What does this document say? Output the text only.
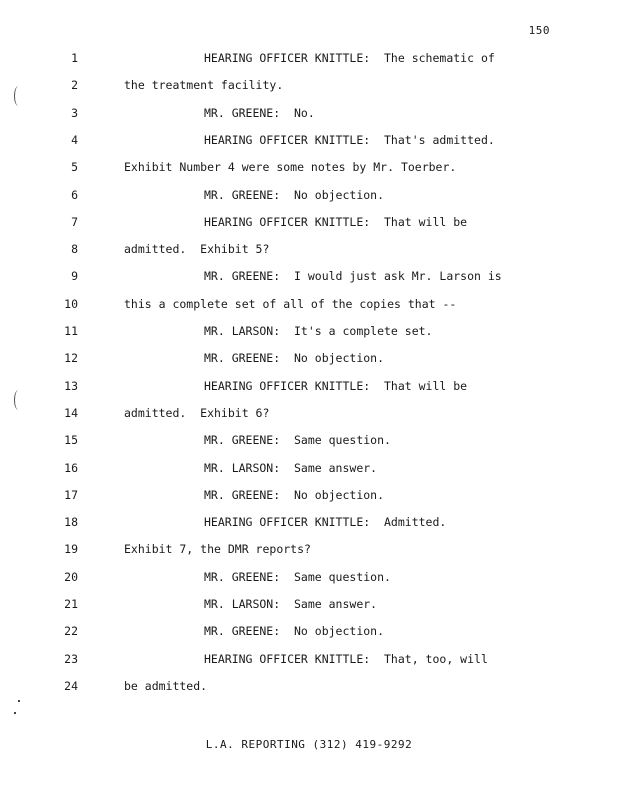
150
1	HEARING OFFICER KNITTLE:  The schematic of
2	the treatment facility.
3	MR. GREENE:  No.
4	HEARING OFFICER KNITTLE:  That's admitted.
5	Exhibit Number 4 were some notes by Mr. Toerber.
6	MR. GREENE:  No objection.
7	HEARING OFFICER KNITTLE:  That will be
8	admitted.  Exhibit 5?
9	MR. GREENE:  I would just ask Mr. Larson is
10	this a complete set of all of the copies that --
11	MR. LARSON:  It's a complete set.
12	MR. GREENE:  No objection.
13	HEARING OFFICER KNITTLE:  That will be
14	admitted.  Exhibit 6?
15	MR. GREENE:  Same question.
16	MR. LARSON:  Same answer.
17	MR. GREENE:  No objection.
18	HEARING OFFICER KNITTLE:  Admitted.
19	Exhibit 7, the DMR reports?
20	MR. GREENE:  Same question.
21	MR. LARSON:  Same answer.
22	MR. GREENE:  No objection.
23	HEARING OFFICER KNITTLE:  That, too, will
24	be admitted.
L.A. REPORTING (312) 419-9292
